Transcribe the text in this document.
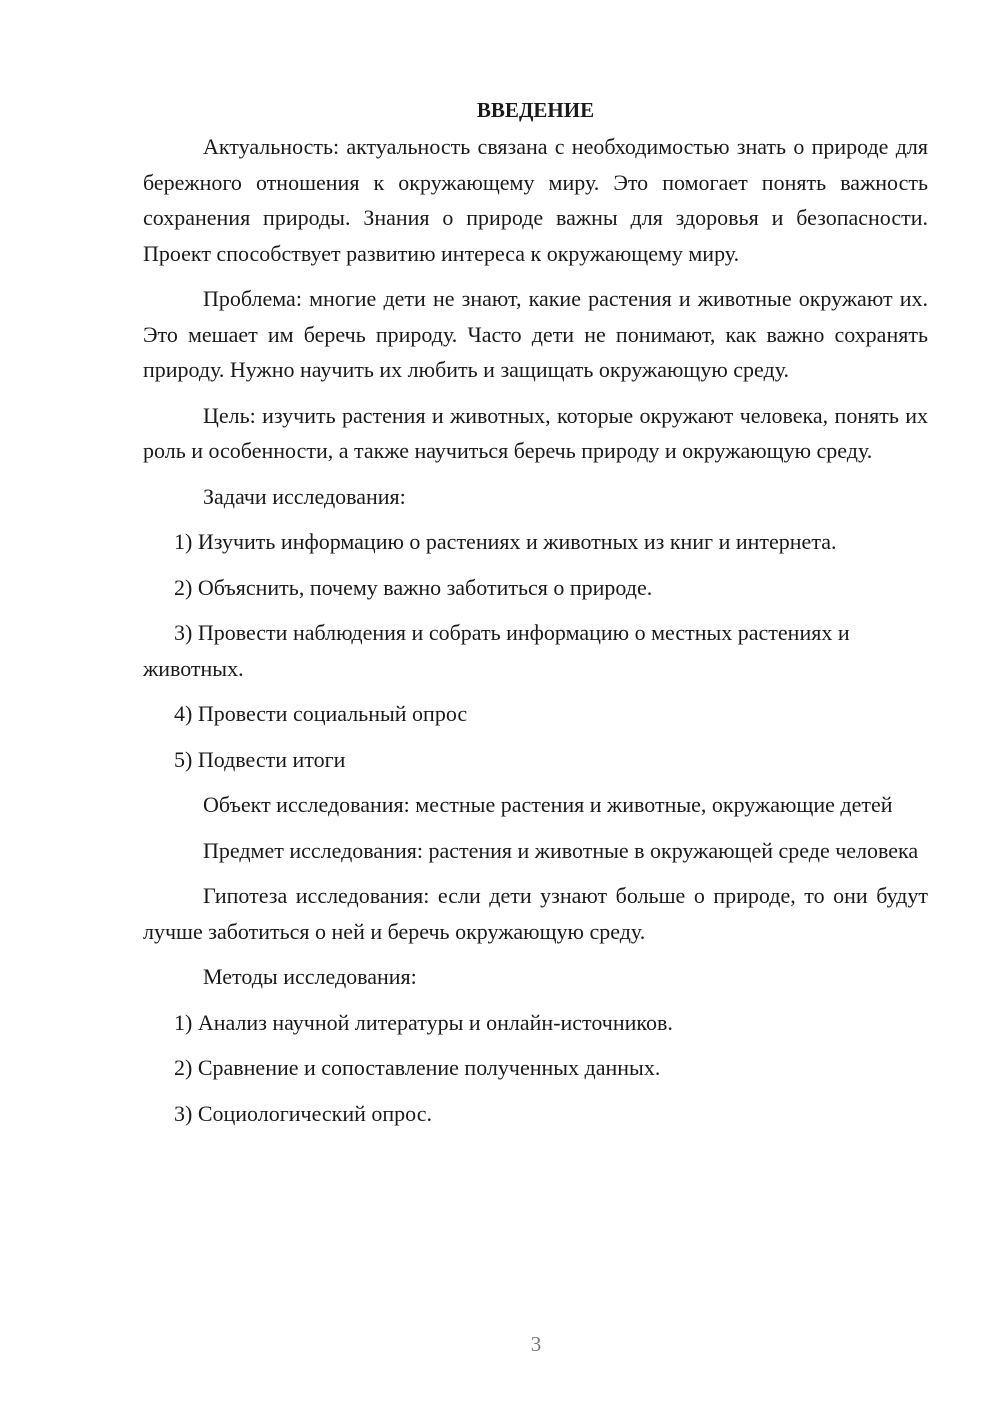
ВВЕДЕНИЕ

Актуальность: актуальность связана с необходимостью знать о природе для бережного отношения к окружающему миру. Это помогает понять важность сохранения природы. Знания о природе важны для здоровья и безопасности. Проект способствует развитию интереса к окружающему миру.

Проблема: многие дети не знают, какие растения и животные окружают их. Это мешает им беречь природу. Часто дети не понимают, как важно сохранять природу. Нужно научить их любить и защищать окружающую среду.

Цель: изучить растения и животных, которые окружают человека, понять их роль и особенности, а также научиться беречь природу и окружающую среду.

Задачи исследования:

1) Изучить информацию о растениях и животных из книг и интернета.

2) Объяснить, почему важно заботиться о природе.

3) Провести наблюдения и собрать информацию о местных растениях и животных.

4) Провести социальный опрос

5) Подвести итоги

Объект исследования: местные растения и животные, окружающие детей

Предмет исследования: растения и животные в окружающей среде человека

Гипотеза исследования: если дети узнают больше о природе, то они будут лучше заботиться о ней и беречь окружающую среду.

Методы исследования:

1) Анализ научной литературы и онлайн-источников.

2) Сравнение и сопоставление полученных данных.

3) Социологический опрос.

3
